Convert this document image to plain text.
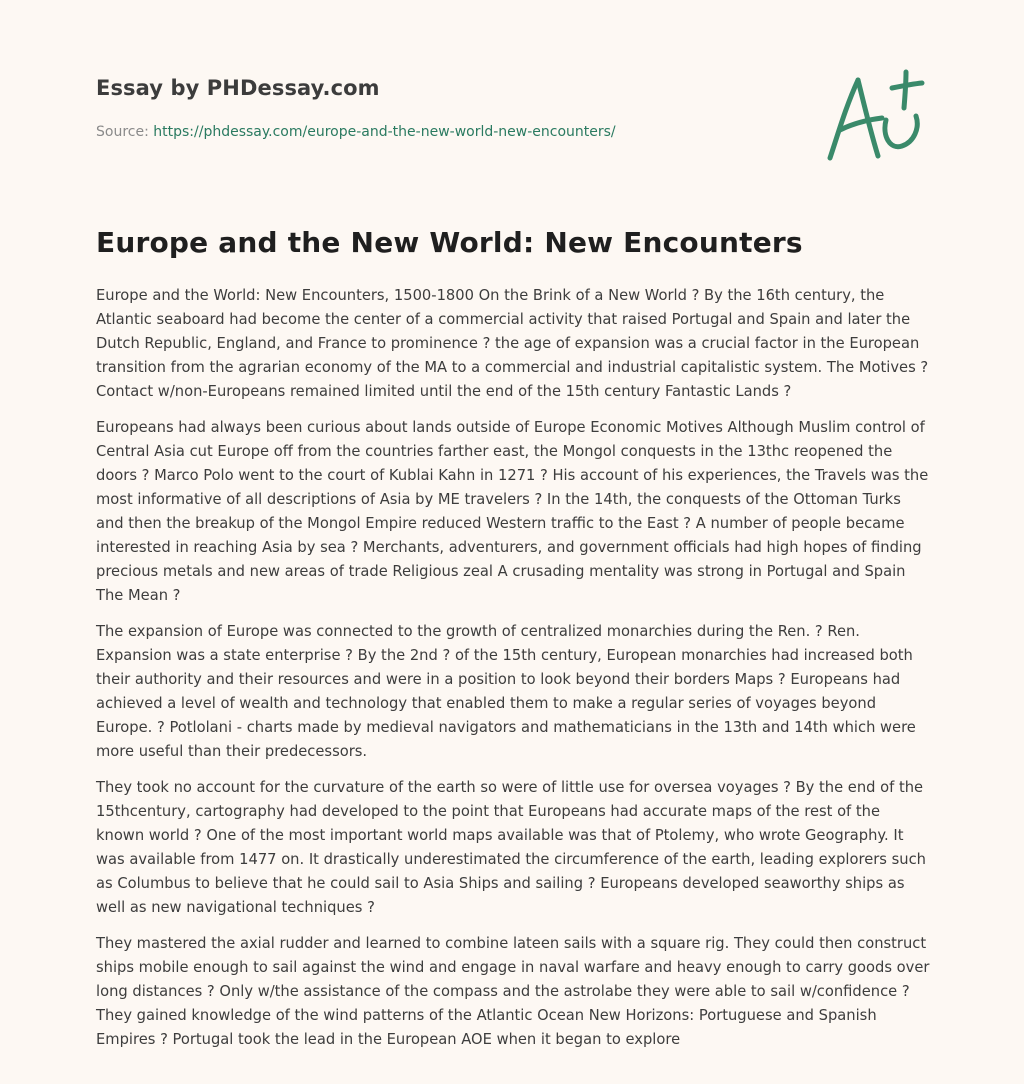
Essay by PHDessay.com
Source: https://phdessay.com/europe-and-the-new-world-new-encounters/
Europe and the New World: New Encounters

Europe and the World: New Encounters, 1500-1800 On the Brink of a New World ? By the 16th century, the Atlantic seaboard had become the center of a commercial activity that raised Portugal and Spain and later the Dutch Republic, England, and France to prominence ? the age of expansion was a crucial factor in the European transition from the agrarian economy of the MA to a commercial and industrial capitalistic system. The Motives ? Contact w/non-Europeans remained limited until the end of the 15th century Fantastic Lands ?

Europeans had always been curious about lands outside of Europe Economic Motives Although Muslim control of Central Asia cut Europe off from the countries farther east, the Mongol conquests in the 13thc reopened the doors ? Marco Polo went to the court of Kublai Kahn in 1271 ? His account of his experiences, the Travels was the most informative of all descriptions of Asia by ME travelers ? In the 14th, the conquests of the Ottoman Turks and then the breakup of the Mongol Empire reduced Western traffic to the East ? A number of people became interested in reaching Asia by sea ? Merchants, adventurers, and government officials had high hopes of finding precious metals and new areas of trade Religious zeal A crusading mentality was strong in Portugal and Spain The Mean ?

The expansion of Europe was connected to the growth of centralized monarchies during the Ren. ? Ren. Expansion was a state enterprise ? By the 2nd ? of the 15th century, European monarchies had increased both their authority and their resources and were in a position to look beyond their borders Maps ? Europeans had achieved a level of wealth and technology that enabled them to make a regular series of voyages beyond Europe. ? Potlolani - charts made by medieval navigators and mathematicians in the 13th and 14th which were more useful than their predecessors.

They took no account for the curvature of the earth so were of little use for oversea voyages ? By the end of the 15thcentury, cartography had developed to the point that Europeans had accurate maps of the rest of the known world ? One of the most important world maps available was that of Ptolemy, who wrote Geography. It was available from 1477 on. It drastically underestimated the circumference of the earth, leading explorers such as Columbus to believe that he could sail to Asia Ships and sailing ? Europeans developed seaworthy ships as well as new navigational techniques ?

They mastered the axial rudder and learned to combine lateen sails with a square rig. They could then construct ships mobile enough to sail against the wind and engage in naval warfare and heavy enough to carry goods over long distances ? Only w/the assistance of the compass and the astrolabe they were able to sail w/confidence ? They gained knowledge of the wind patterns of the Atlantic Ocean New Horizons: Portuguese and Spanish Empires ? Portugal took the lead in the European AOE when it began to explore
